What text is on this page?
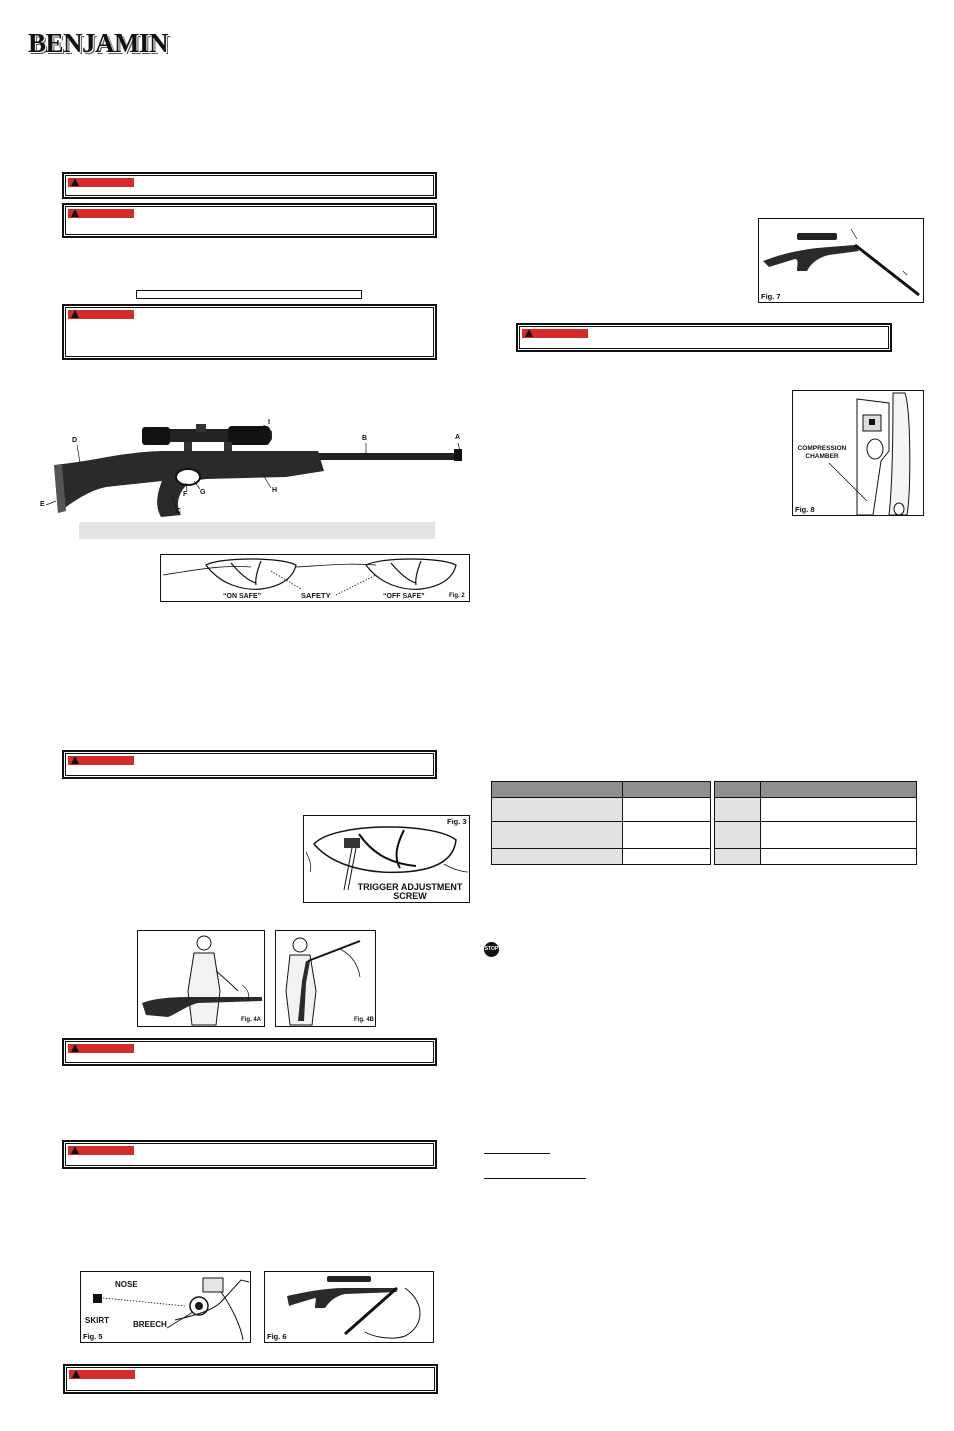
BENJAMIN
I
B	A
D
E
C
F G	H
“ON SAFE”	SAFETY	“OFF SAFE”	Fig. 2
Fig. 3
TRIGGER ADJUSTMENT
SCREW
Fig. 4A	Fig. 4B
NOSE
SKIRT	BREECH
Fig. 5	Fig. 6
Fig. 7
COMPRESSION
CHAMBER
Fig. 8

STOP
